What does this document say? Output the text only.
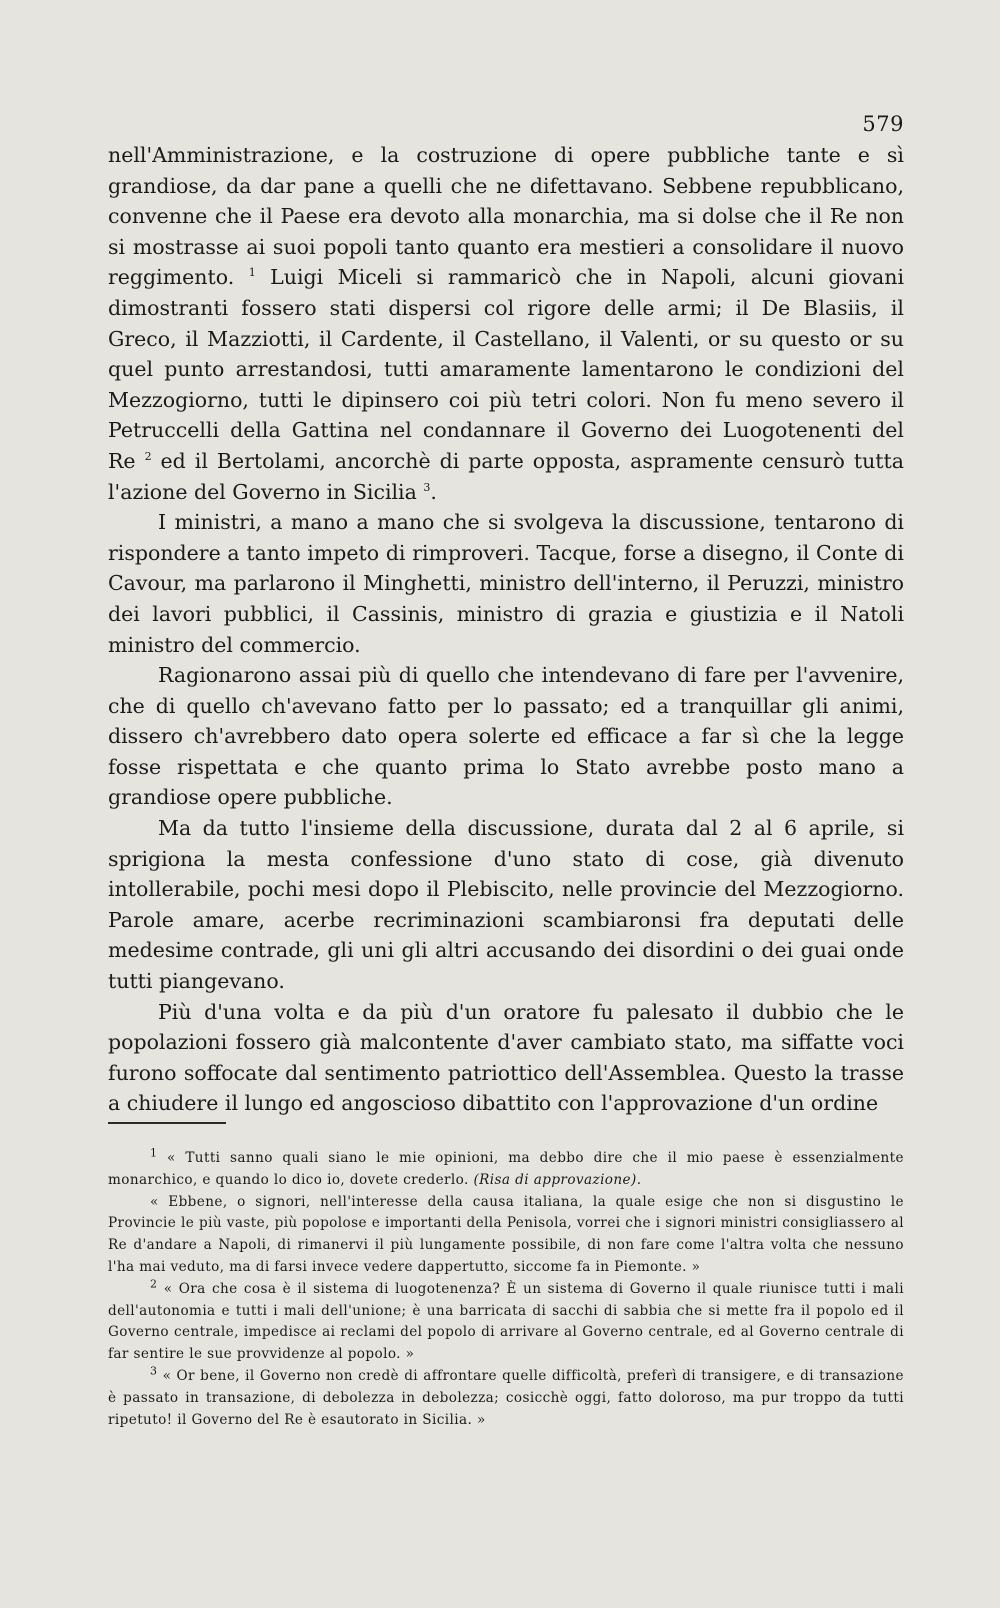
579

nell'Amministrazione, e la costruzione di opere pubbliche tante e sì grandiose, da dar pane a quelli che ne difettavano. Sebbene repubblicano, convenne che il Paese era devoto alla monarchia, ma si dolse che il Re non si mostrasse ai suoi popoli tanto quanto era mestieri a consolidare il nuovo reggimento. $^1$ Luigi Miceli si rammaricò che in Napoli, alcuni giovani dimostranti fossero stati dispersi col rigore delle armi; il De Blasiis, il Greco, il Mazziotti, il Cardente, il Castellano, il Valenti, or su questo or su quel punto arrestandosi, tutti amaramente lamentarono le condizioni del Mezzogiorno, tutti le dipinsero coi più tetri colori. Non fu meno severo il Petruccelli della Gattina nel condannare il Governo dei Luogotenenti del Re $^2$ ed il Bertolami, ancorchè di parte opposta, aspramente censurò tutta l'azione del Governo in Sicilia $^3$.

I ministri, a mano a mano che si svolgeva la discussione, tentarono di rispondere a tanto impeto di rimproveri. Tacque, forse a disegno, il Conte di Cavour, ma parlarono il Minghetti, ministro dell'interno, il Peruzzi, ministro dei lavori pubblici, il Cassinis, ministro di grazia e giustizia e il Natoli ministro del commercio.

Ragionarono assai più di quello che intendevano di fare per l'avvenire, che di quello ch'avevano fatto per lo passato; ed a tranquillar gli animi, dissero ch'avrebbero dato opera solerte ed efficace a far sì che la legge fosse rispettata e che quanto prima lo Stato avrebbe posto mano a grandiose opere pubbliche.

Ma da tutto l'insieme della discussione, durata dal 2 al 6 aprile, si sprigiona la mesta confessione d'uno stato di cose, già divenuto intollerabile, pochi mesi dopo il Plebiscito, nelle provincie del Mezzogiorno. Parole amare, acerbe recriminazioni scambiaronsi fra deputati delle medesime contrade, gli uni gli altri accusando dei disordini o dei guai onde tutti piangevano.

Più d'una volta e da più d'un oratore fu palesato il dubbio che le popolazioni fossero già malcontente d'aver cambiato stato, ma siffatte voci furono soffocate dal sentimento patriottico dell'Assemblea. Questo la trasse a chiudere il lungo ed angoscioso dibattito con l'approvazione d'un ordine

$^1$ « Tutti sanno quali siano le mie opinioni, ma debbo dire che il mio paese è essenzialmente monarchico, e quando lo dico io, dovete crederlo. (Risa di approvazione).

« Ebbene, o signori, nell'interesse della causa italiana, la quale esige che non si disgustino le Provincie le più vaste, più popolose e importanti della Penisola, vorrei che i signori ministri consigliassero al Re d'andare a Napoli, di rimanervi il più lungamente possibile, di non fare come l'altra volta che nessuno l'ha mai veduto, ma di farsi invece vedere dappertutto, siccome fa in Piemonte. »

$^2$ « Ora che cosa è il sistema di luogotenenza? È un sistema di Governo il quale riunisce tutti i mali dell'autonomia e tutti i mali dell'unione; è una barricata di sacchi di sabbia che si mette fra il popolo ed il Governo centrale, impedisce ai reclami del popolo di arrivare al Governo centrale, ed al Governo centrale di far sentire le sue provvidenze al popolo. »

$^3$ « Or bene, il Governo non credè di affrontare quelle difficoltà, preferì di transigere, e di transazione è passato in transazione, di debolezza in debolezza; cosicchè oggi, fatto doloroso, ma pur troppo da tutti ripetuto! il Governo del Re è esautorato in Sicilia. »
